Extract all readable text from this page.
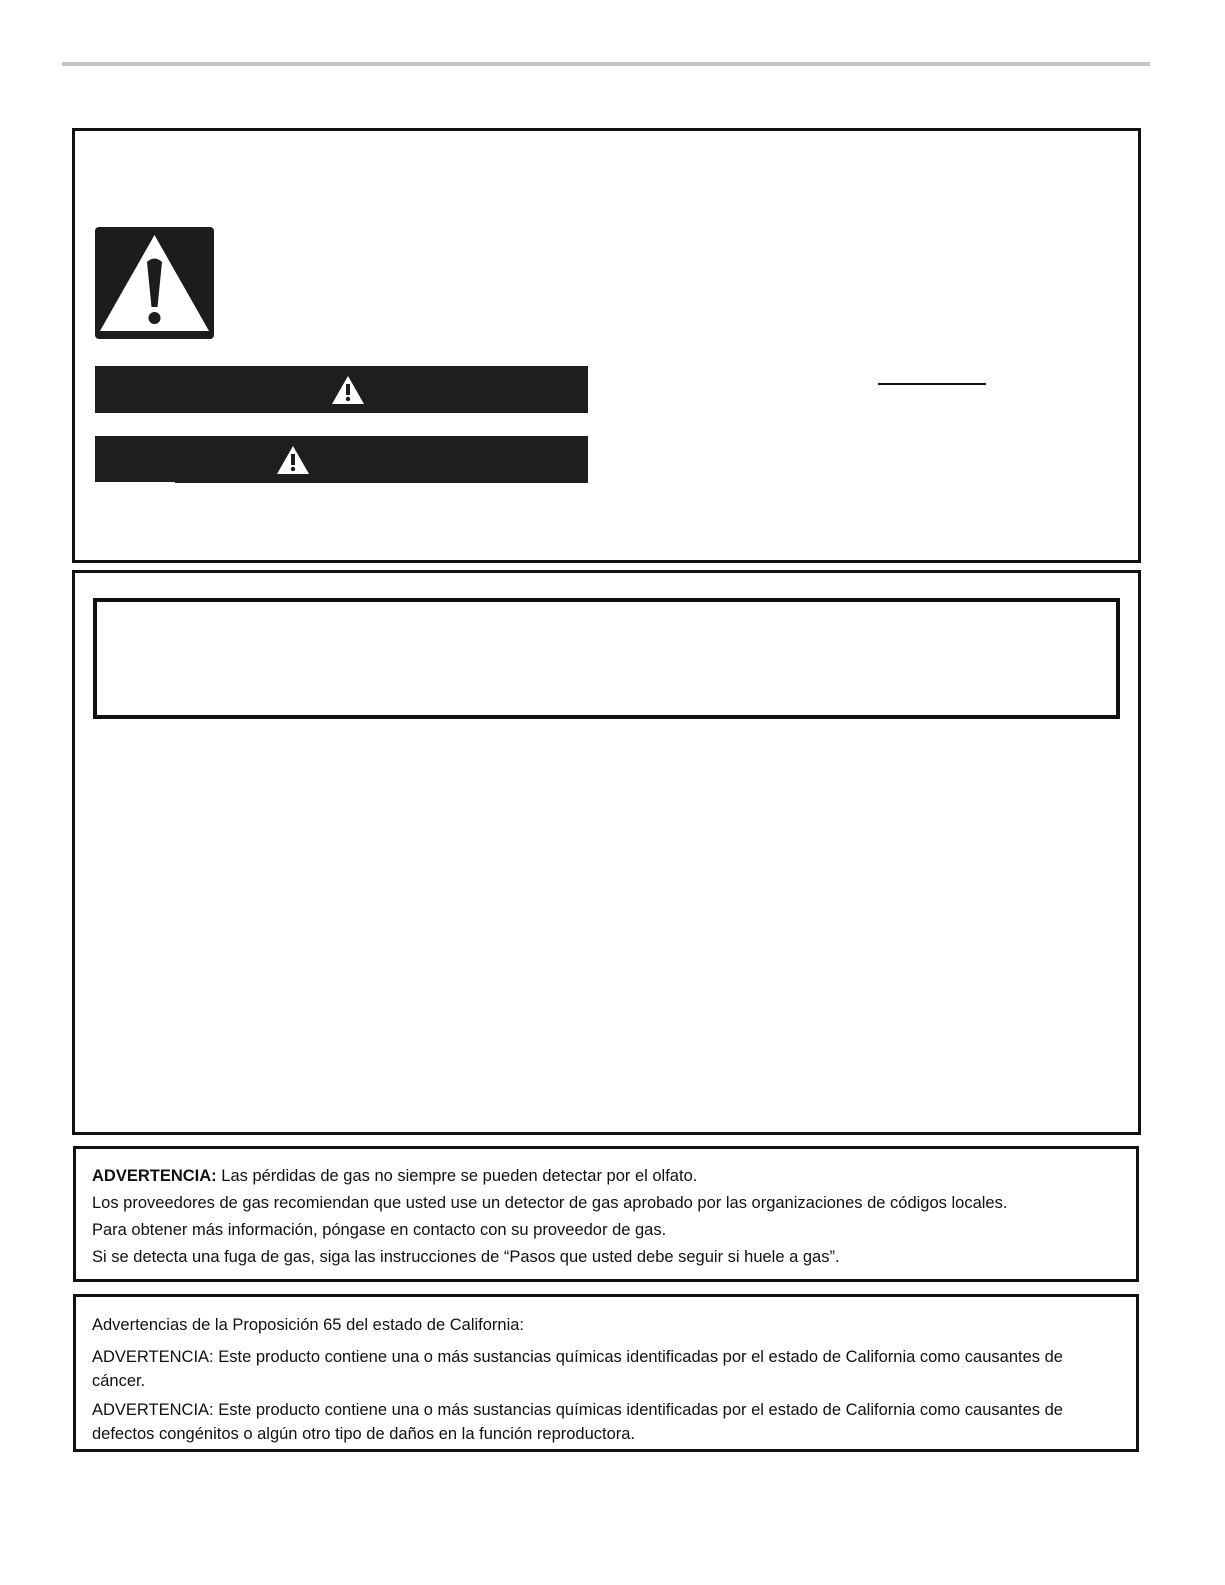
ADVERTENCIA: Las pérdidas de gas no siempre se pueden detectar por el olfato.

Los proveedores de gas recomiendan que usted use un detector de gas aprobado por las organizaciones de códigos locales.

Para obtener más información, póngase en contacto con su proveedor de gas.

Si se detecta una fuga de gas, siga las instrucciones de “Pasos que usted debe seguir si huele a gas”.

Advertencias de la Proposición 65 del estado de California:

ADVERTENCIA: Este producto contiene una o más sustancias químicas identificadas por el estado de California como causantes de cáncer.

ADVERTENCIA: Este producto contiene una o más sustancias químicas identificadas por el estado de California como causantes de defectos congénitos o algún otro tipo de daños en la función reproductora.
